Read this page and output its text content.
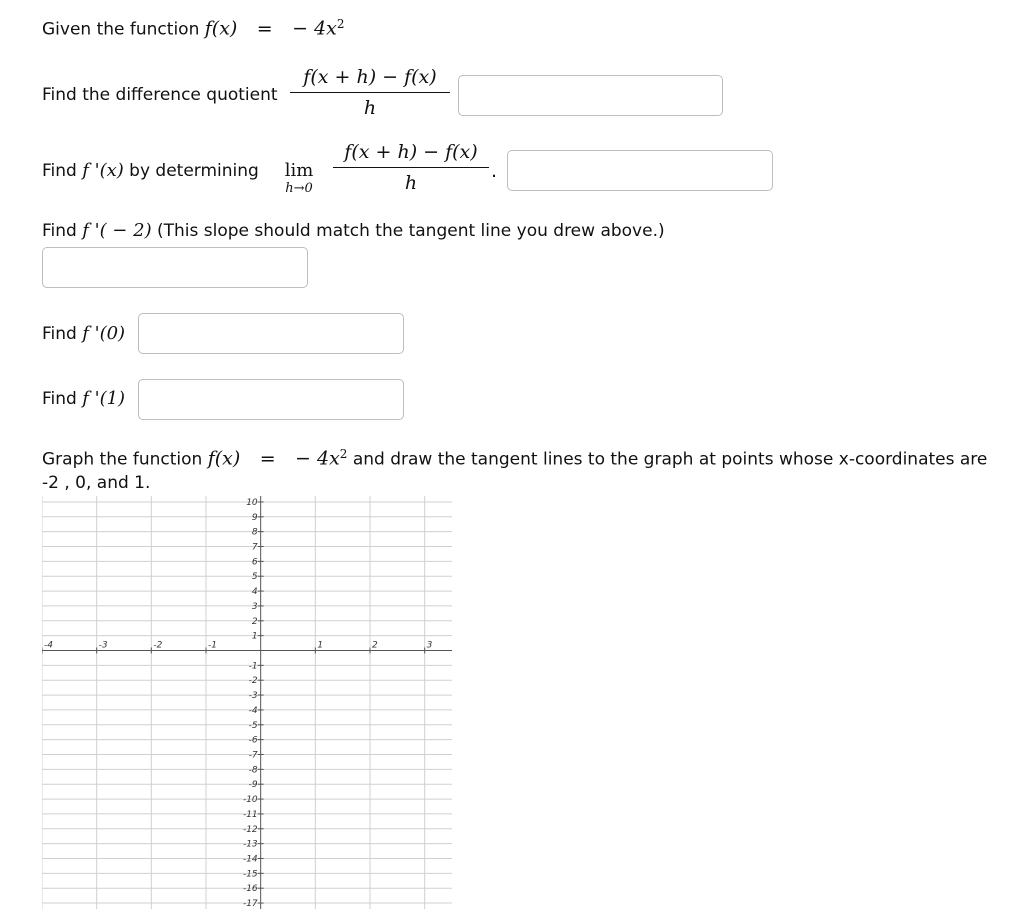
Given the function f(x) = − $4x^2$
Find the difference quotient
f(x + h) − f(x)
h
Find f '(x) by determining	lim
h→0
f(x + h) − f(x)
h
.
Find f '( − 2) (This slope should match the tangent line you drew above.)
Find f '(0)
Find f '(1)
Graph the function f(x) = − $4x^2$ and draw the tangent lines to the graph at points whose x-coordinates are
-2 , 0, and 1.
-4	-3	-2	-1	1	2	3
10
9
8
7
6
5
4
3
2
1
-1
-2
-3
-4
-5
-6
-7
-8
-9
-10
-11
-12
-13
-14
-15
-16
-17
